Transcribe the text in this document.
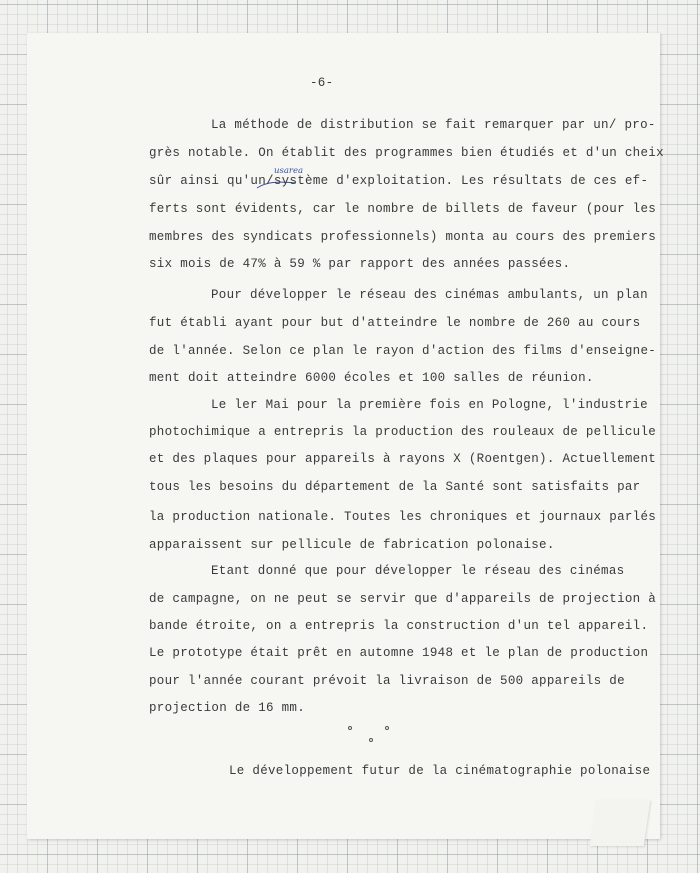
-6-

usarea

La méthode de distribution se fait remarquer par un/ pro-

grès notable. On établit des programmes bien étudiés et d'un cheix

sûr ainsi qu'un/système d'exploitation. Les résultats de ces ef-

ferts sont évidents, car le nombre de billets de faveur (pour les

membres des syndicats professionnels) monta au cours des premiers

six mois de 47% à 59 % par rapport des années passées.

Pour développer le réseau des cinémas ambulants, un plan

fut établi ayant pour but d'atteindre le nombre de 260 au cours

de l'année. Selon ce plan le rayon d'action des films d'enseigne-

ment doit atteindre 6000 écoles et 100 salles de réunion.

Le ler Mai pour la première fois en Pologne, l'industrie

photochimique a entrepris la production des rouleaux de pellicule

et des plaques pour appareils à rayons X (Roentgen). Actuellement

tous les besoins du département de la Santé sont satisfaits par

la production nationale. Toutes les chroniques et journaux parlés

apparaissent sur pellicule de fabrication polonaise.

Etant donné que pour développer le réseau des cinémas

de campagne, on ne peut se servir que d'appareils de projection à

bande étroite, on a entrepris la construction d'un tel appareil.

Le prototype était prêt en automne 1948 et le plan de production

pour l'année courant prévoit la livraison de 500 appareils de

projection de 16 mm.

Le développement futur de la cinématographie polonaise
